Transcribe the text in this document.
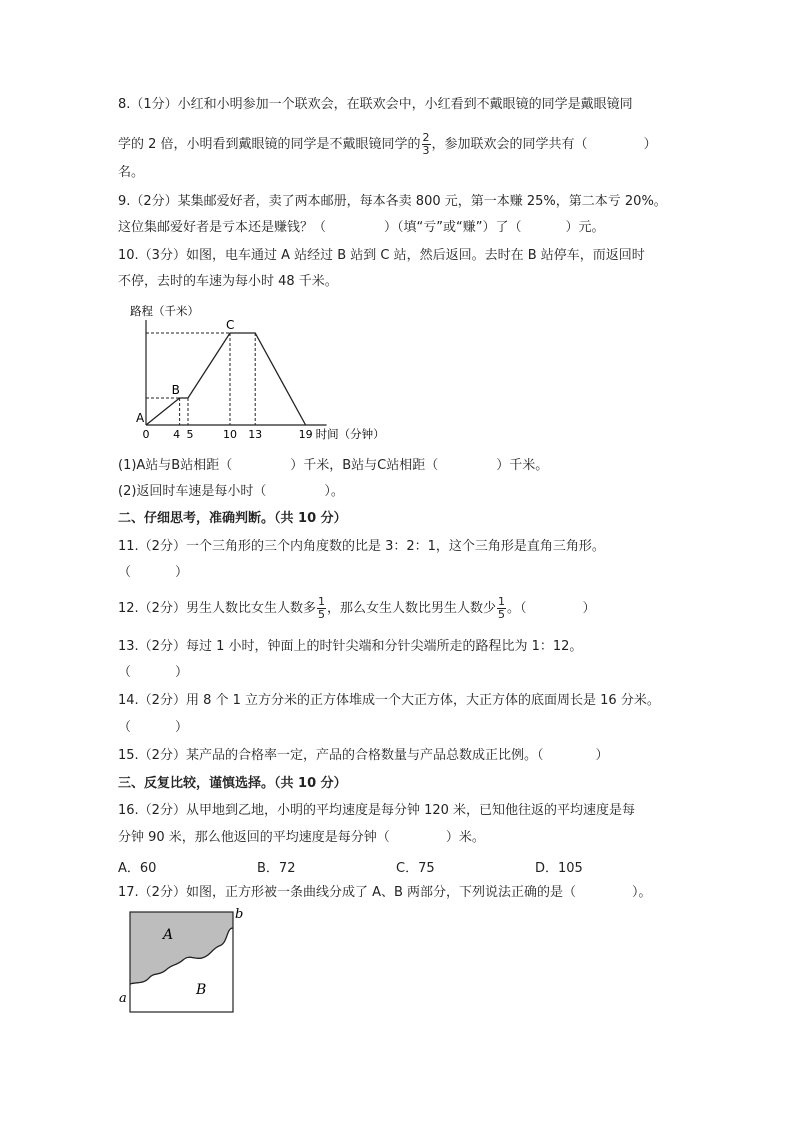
8.（1分）小红和小明参加一个联欢会，在联欢会中，小红看到不戴眼镜的同学是戴眼镜同
学的 2 倍，小明看到戴眼镜的同学是不戴眼镜同学的 $\frac{2}{3}$ ，参加联欢会的同学共有（	）
名。
9.（2分）某集邮爱好者，卖了两本邮册，每本各卖 800 元，第一本赚 25%，第二本亏 20%。
这位集邮爱好者是亏本还是赚钱？（	）（填“亏”或“赚”）了（	）元。
10.（3分）如图，电车通过 A 站经过 B 站到 C 站，然后返回。去时在 B 站停车，而返回时
不停，去时的车速为每小时 48 千米。
0 4 5	10 13	19
A
B
C
路程（千米）
时间（分钟）
(1)A站与B站相距（	）千米，B站与C站相距（	）千米。
(2)返回时车速是每小时（	）。
二、仔细思考，准确判断。（共 10 分）
11.（2分）一个三角形的三个内角度数的比是 3：2：1，这个三角形是直角三角形。
（	）
12.（2分）男生人数比女生人数多 $\frac{1}{5}$ ，那么女生人数比男生人数少 $\frac{1}{5}$ 。（	）
13.（2分）每过 1 小时，钟面上的时针尖端和分针尖端所走的路程比为 1：12。
（	）
14.（2分）用 8 个 1 立方分米的正方体堆成一个大正方体，大正方体的底面周长是 16 分米。
（	）
15.（2分）某产品的合格率一定，产品的合格数量与产品总数成正比例。（	）
三、反复比较，谨慎选择。（共 10 分）
16.（2分）从甲地到乙地，小明的平均速度是每分钟 120 米，已知他往返的平均速度是每
分钟 90 米，那么他返回的平均速度是每分钟（	）米。
A．60	B．72	C．75	D．105
17.（2分）如图，正方形被一条曲线分成了 A、B 两部分，下列说法正确的是（	）。
A
B
a
b
